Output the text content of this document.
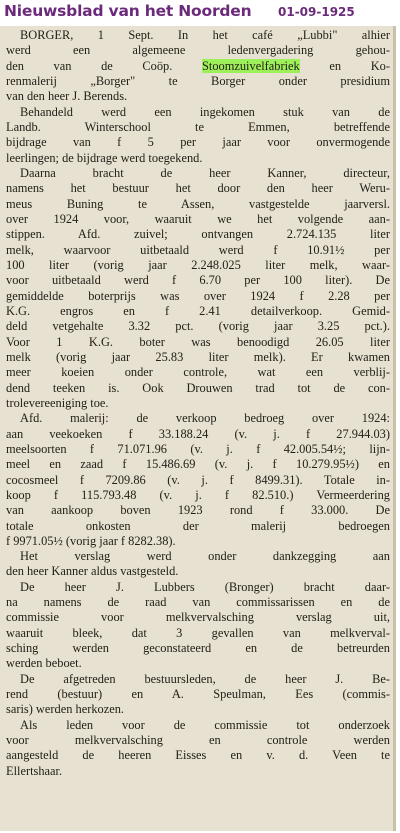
Nieuwsblad van het Noorden 01-09-1925
BORGER, 1 Sept. In het café „Lubbi" alhier
werd een algemeene ledenvergadering gehou-
den van de Coöp. Stoomzuivelfabriek en Ko-
renmalerij „Borger" te Borger onder presidium
van den heer J. Berends.
Behandeld werd een ingekomen stuk van de
Landb. Winterschool te Emmen, betreffende
bijdrage van f 5 per jaar voor onvermogende
leerlingen; de bijdrage werd toegekend.
Daarna bracht de heer Kanner, directeur,
namens het bestuur het door den heer Weru-
meus Buning te Assen, vastgestelde jaarversl.
over 1924 voor, waaruit we het volgende aan-
stippen. Afd. zuivel; ontvangen 2.724.135 liter
melk, waarvoor uitbetaald werd f 10.91½ per
100 liter (vorig jaar 2.248.025 liter melk, waar-
voor uitbetaald werd f 6.70 per 100 liter). De
gemiddelde boterprijs was over 1924 f 2.28 per
K.G. engros en f 2.41 detailverkoop. Gemid-
deld vetgehalte 3.32 pct. (vorig jaar 3.25 pct.).
Voor 1 K.G. boter was benoodigd 26.05 liter
melk (vorig jaar 25.83 liter melk). Er kwamen
meer koeien onder controle, wat een verblij-
dend teeken is. Ook Drouwen trad tot de con-
trolevereeniging toe.
Afd. malerij: de verkoop bedroeg over 1924:
aan veekoeken f 33.188.24 (v. j. f 27.944.03)
meelsoorten f 71.071.96 (v. j. f 42.005.54½; lijn-
meel en zaad f 15.486.69 (v. j. f 10.279.95½) en
cocosmeel f 7209.86 (v. j. f 8499.31). Totale in-
koop f 115.793.48 (v. j. f 82.510.) Vermeerdering
van aankoop boven 1923 rond f 33.000. De
totale onkosten der malerij bedroegen
f 9971.05½ (vorig jaar f 8282.38).
Het verslag werd onder dankzegging aan
den heer Kanner aldus vastgesteld.
De heer J. Lubbers (Bronger) bracht daar-
na namens de raad van commissarissen en de
commissie voor melkvervalsching verslag uit,
waaruit bleek, dat 3 gevallen van melkverval-
sching werden geconstateerd en de betreurden
werden beboet.
De afgetreden bestuursleden, de heer J. Be-
rend (bestuur) en A. Speulman, Ees (commis-
saris) werden herkozen.
Als leden voor de commissie tot onderzoek
voor melkvervalsching en controle werden
aangesteld de heeren Eisses en v. d. Veen te
Ellertshaar.
